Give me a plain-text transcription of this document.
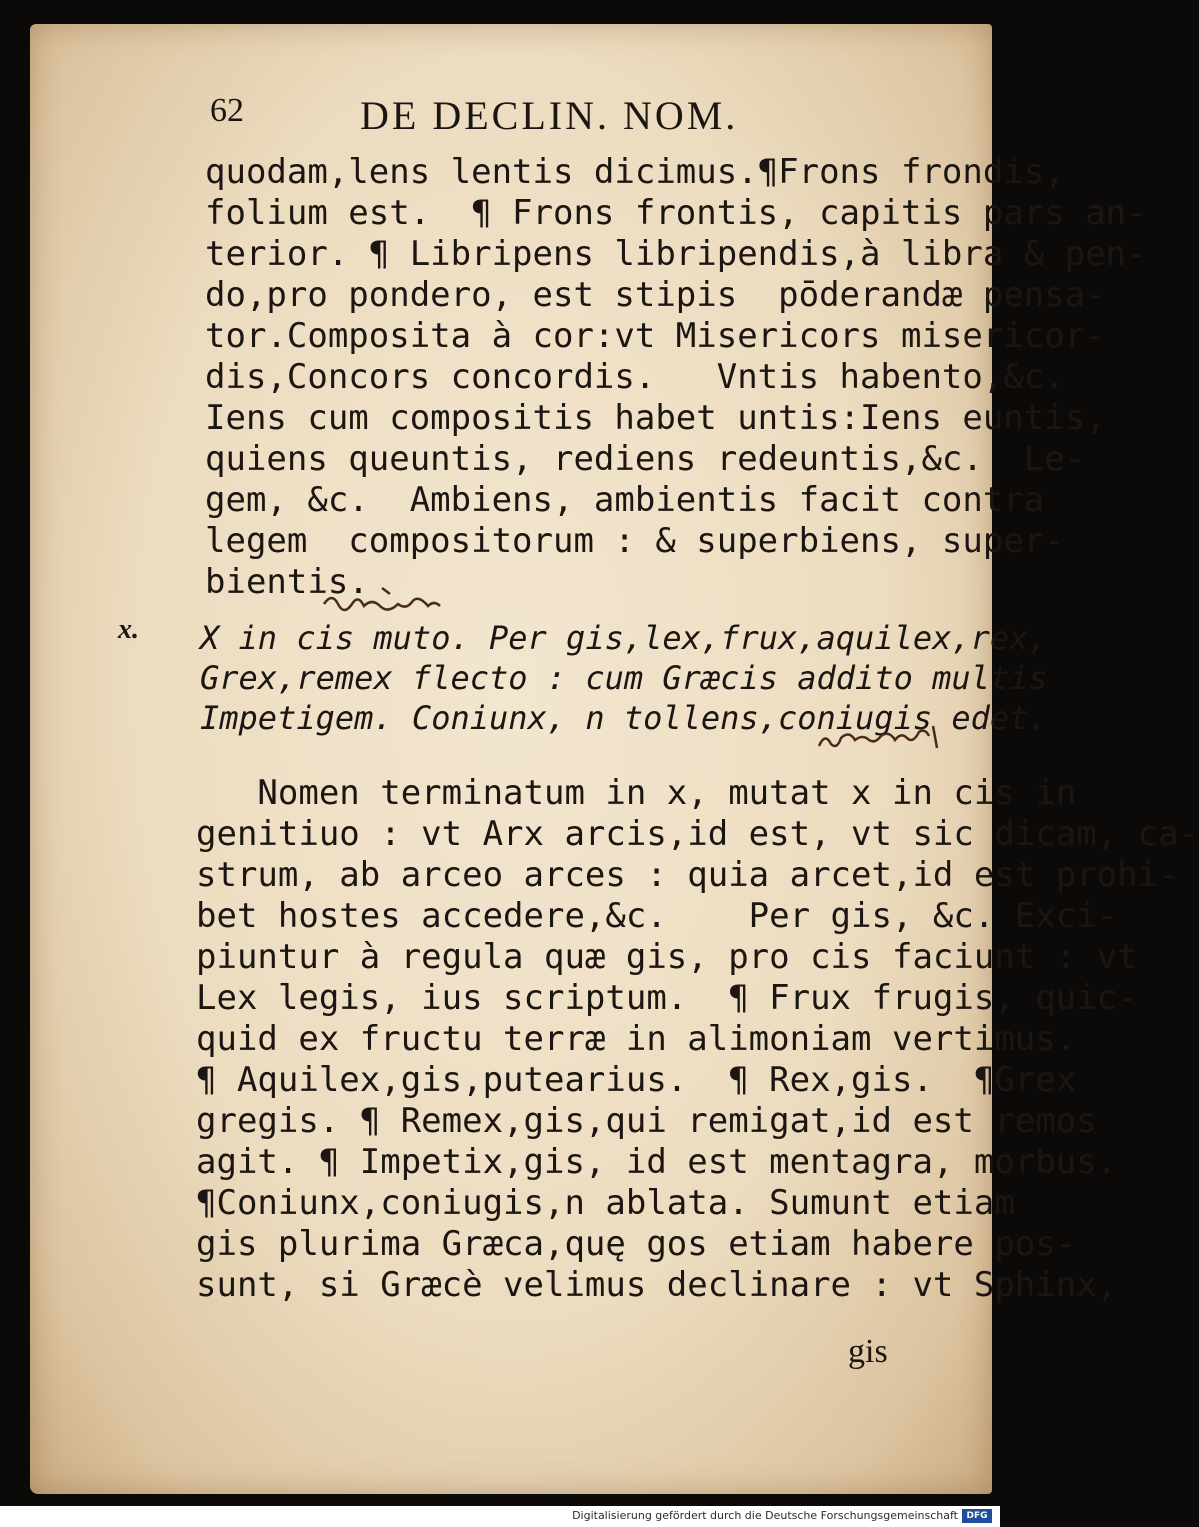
62	DE DECLIN. NOM.
quodam,lens lentis dicimus.¶Frons frondis,
folium est.  ¶ Frons frontis, capitis pars an-
terior. ¶ Libripens libripendis,à libra & pen-
do,pro pondero, est stipis  pōderandæ pensa-
tor.Composita à cor:vt Misericors misericor-
dis,Concors concordis.   Vntis habento,&c.
Iens cum compositis habet untis:Iens euntis,
quiens queuntis, rediens redeuntis,&c.  Le-
gem, &c.  Ambiens, ambientis facit contra
legem  compositorum : & superbiens, super-
bientis.
x. X in cis muto. Per gis,lex,frux,aquilex,rex,
Grex,remex flecto : cum Græcis addito multis
Impetigem. Coniunx, n tollens,coniugis edet.
Nomen terminatum in x, mutat x in cis in
genitiuo : vt Arx arcis,id est, vt sic dicam, ca-
strum, ab arceo arces : quia arcet,id est prohi-
bet hostes accedere,&c.    Per gis, &c. Exci-
piuntur à regula quæ gis, pro cis faciunt : vt
Lex legis, ius scriptum.  ¶ Frux frugis, quic-
quid ex fructu terræ in alimoniam vertimus.
¶ Aquilex,gis,putearius.  ¶ Rex,gis.  ¶Grex
gregis. ¶ Remex,gis,qui remigat,id est remos
agit. ¶ Impetix,gis, id est mentagra, morbus.
¶Coniunx,coniugis,n ablata. Sumunt etiam
gis plurima Græca,quę gos etiam habere pos-
sunt, si Græcè velimus declinare : vt Sphinx,
gis
Digitalisierung gefördert durch die Deutsche Forschungsgemeinschaft DFG
